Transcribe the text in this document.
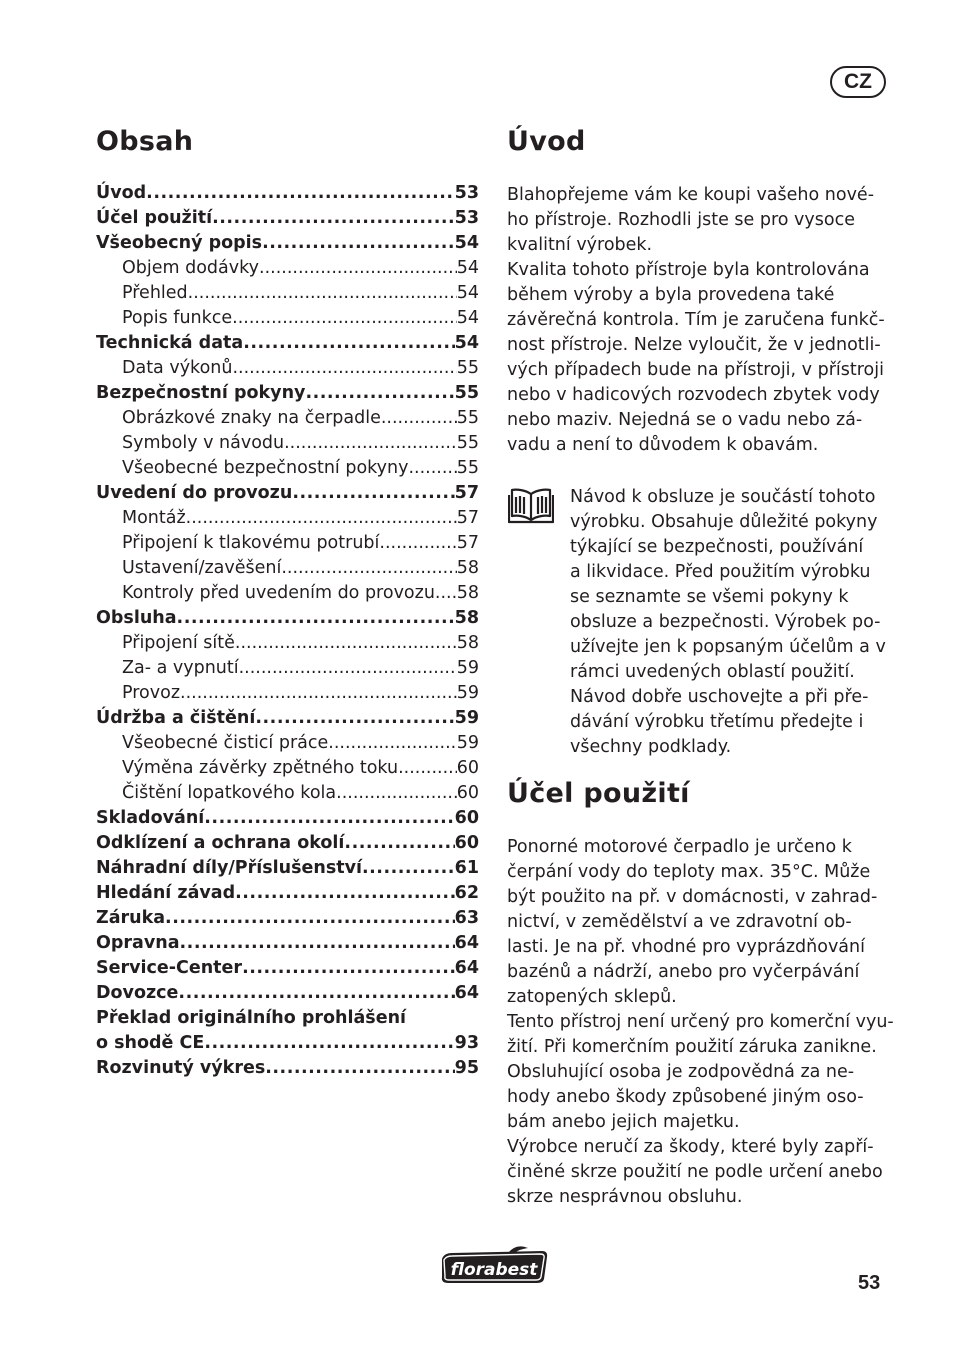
CZ
Obsah
Úvod .....	53
Účel použití .....	53
Všeobecný popis .....	54
Objem dodávky .....	54
Přehled .....	54
Popis funkce .....	54
Technická data .....	54
Data výkonů .....	55
Bezpečnostní pokyny .....	55
Obrázkové znaky na čerpadle .....	55
Symboly v návodu .....	55
Všeobecné bezpečnostní pokyny .....	55
Uvedení do provozu .....	57
Montáž .....	57
Připojení k tlakovému potrubí .....	57
Ustavení/zavěšení .....	58
Kontroly před uvedením do provozu ..... 58
Obsluha .....	58
Připojení sítě .....	58
Za- a vypnutí .....	59
Provoz .....	59
Údržba a čištění .....	59
Všeobecné čisticí práce .....	59
Výměna závěrky zpětného toku .....	60
Čištění lopatkového kola .....	60
Skladování .....	60
Odklízení a ochrana okolí .....	60
Náhradní díly/Příslušenství .....	61
Hledání závad .....	62
Záruka .....	63
Opravna .....	64
Service-Center .....	64
Dovozce .....	64
Překlad originálního prohlášení
o shodě CE .....	93
Rozvinutý výkres .....	95
Úvod
Blahopřejeme vám ke koupi vašeho nové-
ho přístroje. Rozhodli jste se pro vysoce
kvalitní výrobek.
Kvalita tohoto přístroje byla kontrolována
během výroby a byla provedena také
závěrečná kontrola. Tím je zaručena funkč-
nost přístroje. Nelze vyloučit, že v jednotli-
vých případech bude na přístroji, v přístroji
nebo v hadicových rozvodech zbytek vody
nebo maziv. Nejedná se o vadu nebo zá-
vadu a není to důvodem k obavám.
Návod k obsluze je součástí tohoto
výrobku. Obsahuje důležité pokyny
týkající se bezpečnosti, používání
a likvidace. Před použitím výrobku
se seznamte se všemi pokyny k
obsluze a bezpečnosti. Výrobek po-
užívejte jen k popsaným účelům a v
rámci uvedených oblastí použití.
Návod dobře uschovejte a při pře-
dávání výrobku třetímu předejte i
všechny podklady.
Účel použití
Ponorné motorové čerpadlo je určeno k
čerpání vody do teploty max. 35°C. Může
být použito na př. v domácnosti, v zahrad-
nictví, v zemědělství a ve zdravotní ob-
lasti. Je na př. vhodné pro vyprázdňování
bazénů a nádrží, anebo pro vyčerpávání
zatopených sklepů.
Tento přístroj není určený pro komerční vyu-
žití. Při komerčním použití záruka zanikne.
Obsluhující osoba je zodpovědná za ne-
hody anebo škody způsobené jiným oso-
bám anebo jejich majetku.
Výrobce neručí za škody, které byly zapří-
činěné skrze použití ne podle určení anebo
skrze nesprávnou obsluhu.
florabest
53
